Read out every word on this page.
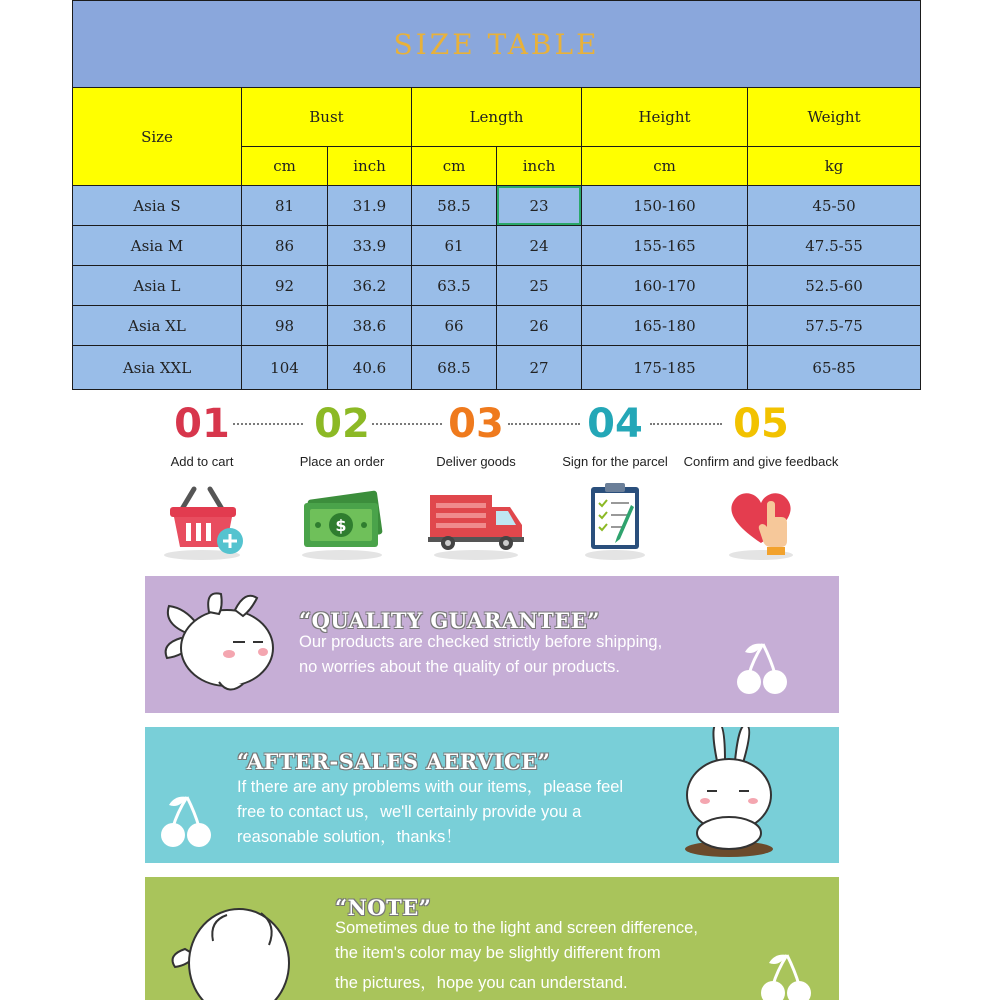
SIZE TABLE						
Size	Bust		Length		Height	Weight
	cm	inch	cm	inch	cm	kg
Asia S	81	31.9	58.5	23	150-160	45-50
Asia M	86	33.9	61	24	155-165	47.5-55
Asia L	92	36.2	63.5	25	160-170	52.5-60
Asia XL	98	38.6	66	26	165-180	57.5-75
Asia XXL	104	40.6	68.5	27	175-185	65-85
01
Add to cart
02
Place an order
$
03
Deliver goods
04
Sign for the parcel
05
Confirm and give feedback
“QUALITY GUARANTEE”
Our products are checked strictly before shipping,
no worries about the quality of our products.
“AFTER-SALES AERVICE”
If there are any problems with our items，please feel
free to contact us，we'll certainly provide you a
reasonable solution，thanks！
“NOTE”
Sometimes due to the light and screen difference,
the item's color may be slightly different from
the pictures，hope you can understand.
